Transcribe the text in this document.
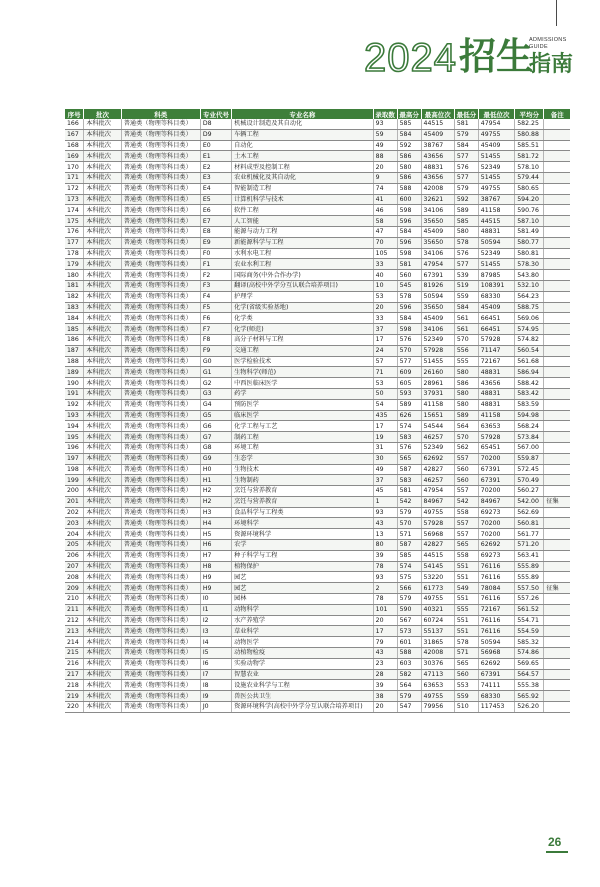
2024 招生
ADMISSIONS
GUIDE
指南
序号	批次	科类	专业代号	专业名称	录取数	最高分	最高位次	最低分	最低位次	平均分	备注
166	本科批次	普通类（物理等科目类）	D8	机械设计制造及其自动化	93	585	44515	581	47954	582.25	
167	本科批次	普通类（物理等科目类）	D9	车辆工程	59	584	45409	579	49755	580.88	
168	本科批次	普通类（物理等科目类）	E0	自动化	49	592	38767	584	45409	585.51	
169	本科批次	普通类（物理等科目类）	E1	土木工程	88	586	43656	577	51455	581.72	
170	本科批次	普通类（物理等科目类）	E2	材料成型及控制工程	20	580	48831	576	52349	578.10	
171	本科批次	普通类（物理等科目类）	E3	农业机械化及其自动化	9	586	43656	577	51455	579.44	
172	本科批次	普通类（物理等科目类）	E4	智能制造工程	74	588	42008	579	49755	580.65	
173	本科批次	普通类（物理等科目类）	E5	计算机科学与技术	41	600	32621	592	38767	594.20	
174	本科批次	普通类（物理等科目类）	E6	软件工程	46	598	34106	589	41158	590.76	
175	本科批次	普通类（物理等科目类）	E7	人工智能	58	596	35650	585	44515	587.10	
176	本科批次	普通类（物理等科目类）	E8	能源与动力工程	47	584	45409	580	48831	581.49	
177	本科批次	普通类（物理等科目类）	E9	新能源科学与工程	70	596	35650	578	50594	580.77	
178	本科批次	普通类（物理等科目类）	F0	水利水电工程	105	598	34106	576	52349	580.81	
179	本科批次	普通类（物理等科目类）	F1	农业水利工程	33	581	47954	577	51455	578.30	
180	本科批次	普通类（物理等科目类）	F2	国际商务(中外合作办学)	40	560	67391	539	87985	543.80	
181	本科批次	普通类（物理等科目类）	F3	翻译(高校中外学分互认联合培养项目)	10	545	81926	519	108391	532.10	
182	本科批次	普通类（物理等科目类）	F4	护理学	53	578	50594	559	68330	564.23	
183	本科批次	普通类（物理等科目类）	F5	化学(省级实验基地)	20	596	35650	584	45409	588.75	
184	本科批次	普通类（物理等科目类）	F6	化学类	33	584	45409	561	66451	569.06	
185	本科批次	普通类（物理等科目类）	F7	化学(师范)	37	598	34106	561	66451	574.95	
186	本科批次	普通类（物理等科目类）	F8	高分子材料与工程	17	576	52349	570	57928	574.82	
187	本科批次	普通类（物理等科目类）	F9	交通工程	24	570	57928	556	71147	560.54	
188	本科批次	普通类（物理等科目类）	G0	医学检验技术	57	577	51455	555	72167	561.68	
189	本科批次	普通类（物理等科目类）	G1	生物科学(师范)	71	609	26160	580	48831	586.94	
190	本科批次	普通类（物理等科目类）	G2	中西医临床医学	53	605	28961	586	43656	588.42	
191	本科批次	普通类（物理等科目类）	G3	药学	50	593	37931	580	48831	583.42	
192	本科批次	普通类（物理等科目类）	G4	预防医学	54	589	41158	580	48831	583.59	
193	本科批次	普通类（物理等科目类）	G5	临床医学	435	626	15651	589	41158	594.98	
194	本科批次	普通类（物理等科目类）	G6	化学工程与工艺	17	574	54544	564	63653	568.24	
195	本科批次	普通类（物理等科目类）	G7	制药工程	19	583	46257	570	57928	573.84	
196	本科批次	普通类（物理等科目类）	G8	环境工程	31	576	52349	562	65451	567.00	
197	本科批次	普通类（物理等科目类）	G9	生态学	30	565	62692	557	70200	559.87	
198	本科批次	普通类（物理等科目类）	H0	生物技术	49	587	42827	560	67391	572.45	
199	本科批次	普通类（物理等科目类）	H1	生物制药	37	583	46257	560	67391	570.49	
200	本科批次	普通类（物理等科目类）	H2	烹饪与营养教育	45	581	47954	557	70200	560.27	
201	本科批次	普通类（物理等科目类）	H2	烹饪与营养教育	1	542	84967	542	84967	542.00	征集
202	本科批次	普通类（物理等科目类）	H3	食品科学与工程类	93	579	49755	558	69273	562.69	
203	本科批次	普通类（物理等科目类）	H4	环境科学	43	570	57928	557	70200	560.81	
204	本科批次	普通类（物理等科目类）	H5	资源环境科学	13	571	56968	557	70200	561.77	
205	本科批次	普通类（物理等科目类）	H6	农学	80	587	42827	565	62692	571.20	
206	本科批次	普通类（物理等科目类）	H7	种子科学与工程	39	585	44515	558	69273	563.41	
207	本科批次	普通类（物理等科目类）	H8	植物保护	78	574	54145	551	76116	555.89	
208	本科批次	普通类（物理等科目类）	H9	园艺	93	575	53220	551	76116	555.89	
209	本科批次	普通类（物理等科目类）	H9	园艺	2	566	61773	549	78084	557.50	征集
210	本科批次	普通类（物理等科目类）	I0	园林	78	579	49755	551	76116	557.26	
211	本科批次	普通类（物理等科目类）	I1	动物科学	101	590	40321	555	72167	561.52	
212	本科批次	普通类（物理等科目类）	I2	水产养殖学	20	567	60724	551	76116	554.71	
213	本科批次	普通类（物理等科目类）	I3	草业科学	17	573	55137	551	76116	554.59	
214	本科批次	普通类（物理等科目类）	I4	动物医学	79	601	31865	578	50594	585.32	
215	本科批次	普通类（物理等科目类）	I5	动植物检疫	43	588	42008	571	56968	574.86	
216	本科批次	普通类（物理等科目类）	I6	实验动物学	23	603	30376	565	62692	569.65	
217	本科批次	普通类（物理等科目类）	I7	智慧农业	28	582	47113	560	67391	564.57	
218	本科批次	普通类（物理等科目类）	I8	设施农业科学与工程	39	564	63653	553	74111	555.38	
219	本科批次	普通类（物理等科目类）	I9	兽医公共卫生	38	579	49755	559	68330	565.92	
220	本科批次	普通类（物理等科目类）	J0	资源环境科学(高校中外学分互认联合培养项目)	20	547	79956	510	117453	526.20	
26
